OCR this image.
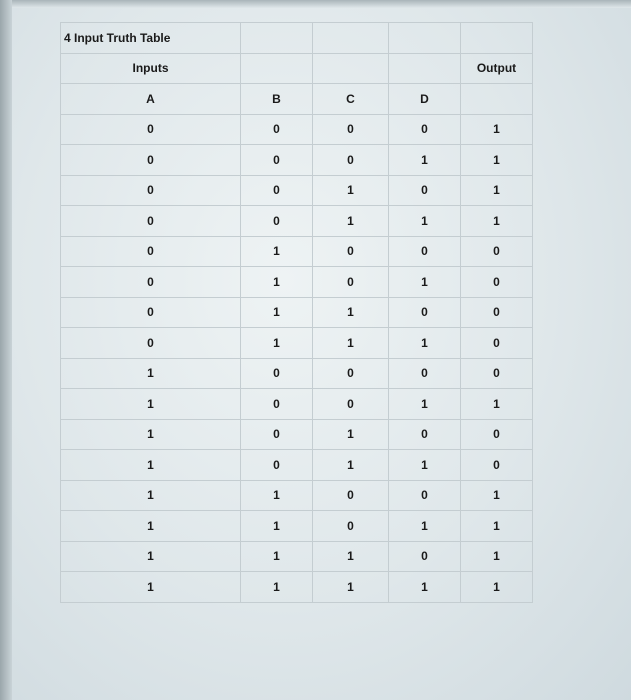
4 Input Truth Table				
Inputs				Output
A	B	C	D	
0	0	0	0	1
0	0	0	1	1
0	0	1	0	1
0	0	1	1	1
0	1	0	0	0
0	1	0	1	0
0	1	1	0	0
0	1	1	1	0
1	0	0	0	0
1	0	0	1	1
1	0	1	0	0
1	0	1	1	0
1	1	0	0	1
1	1	0	1	1
1	1	1	0	1
1	1	1	1	1
